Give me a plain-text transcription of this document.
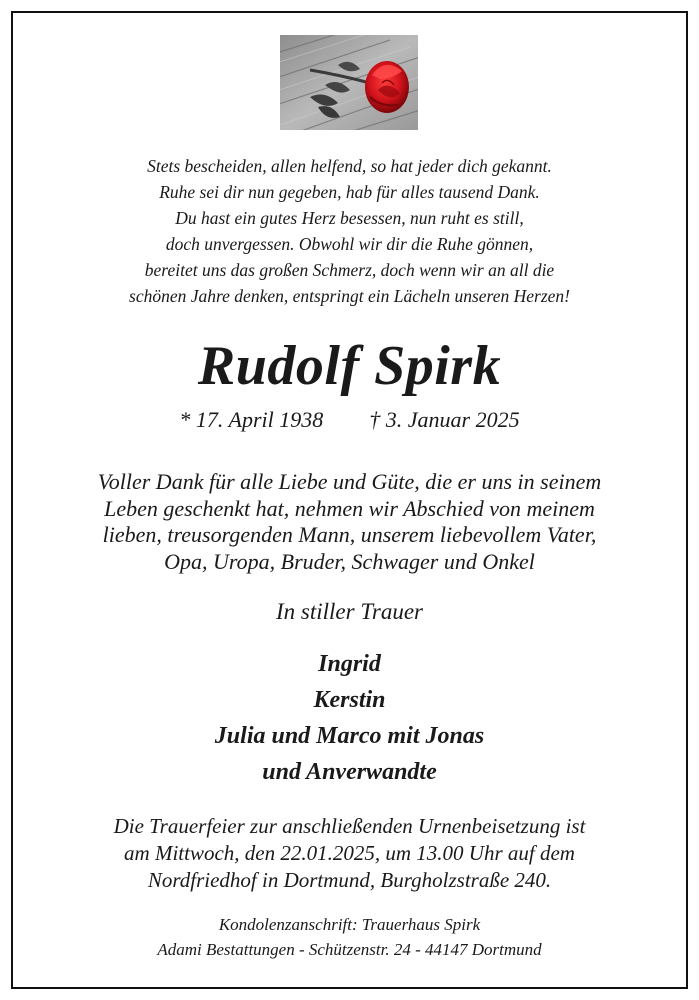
Stets bescheiden, allen helfend, so hat jeder dich gekannt.
Ruhe sei dir nun gegeben, hab für alles tausend Dank.
Du hast ein gutes Herz besessen, nun ruht es still,
doch unvergessen. Obwohl wir dir die Ruhe gönnen,
bereitet uns das großen Schmerz, doch wenn wir an all die
schönen Jahre denken, entspringt ein Lächeln unseren Herzen!
Rudolf Spirk
* 17. April 1938 † 3. Januar 2025
Voller Dank für alle Liebe und Güte, die er uns in seinem
Leben geschenkt hat, nehmen wir Abschied von meinem
lieben, treusorgenden Mann, unserem liebevollem Vater,
Opa, Uropa, Bruder, Schwager und Onkel
In stiller Trauer
Ingrid
Kerstin
Julia und Marco mit Jonas
und Anverwandte
Die Trauerfeier zur anschließenden Urnenbeisetzung ist
am Mittwoch, den 22.01.2025, um 13.00 Uhr auf dem
Nordfriedhof in Dortmund, Burgholzstraße 240.
Kondolenzanschrift: Trauerhaus Spirk
Adami Bestattungen - Schützenstr. 24 - 44147 Dortmund
